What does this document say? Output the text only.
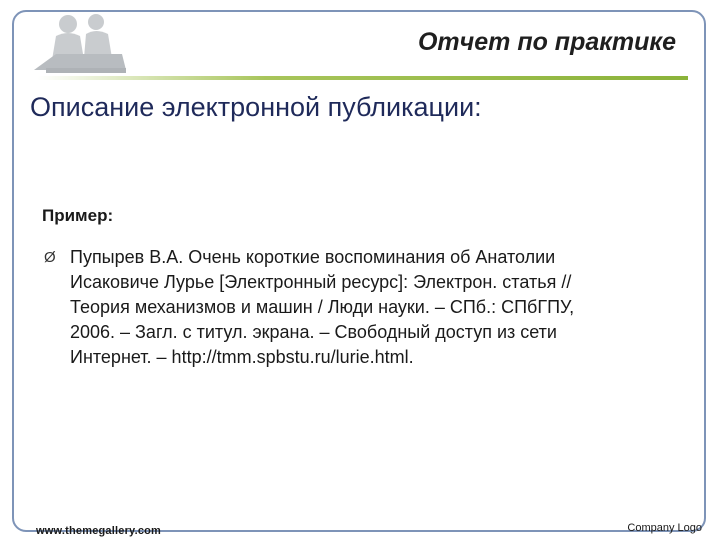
Отчет по практике
Описание электронной публикации:
Пример:
Ø Пупырев В.А. Очень короткие воспоминания об Анатолии
Исаковиче Лурье [Электронный ресурс]: Электрон. статья //
Теория механизмов и машин / Люди науки. – СПб.: СПбГПУ,
2006. – Загл. с титул. экрана. – Свободный доступ из сети
Интернет. – http://tmm.spbstu.ru/lurie.html.
www.themegallery.com	Company Logo
